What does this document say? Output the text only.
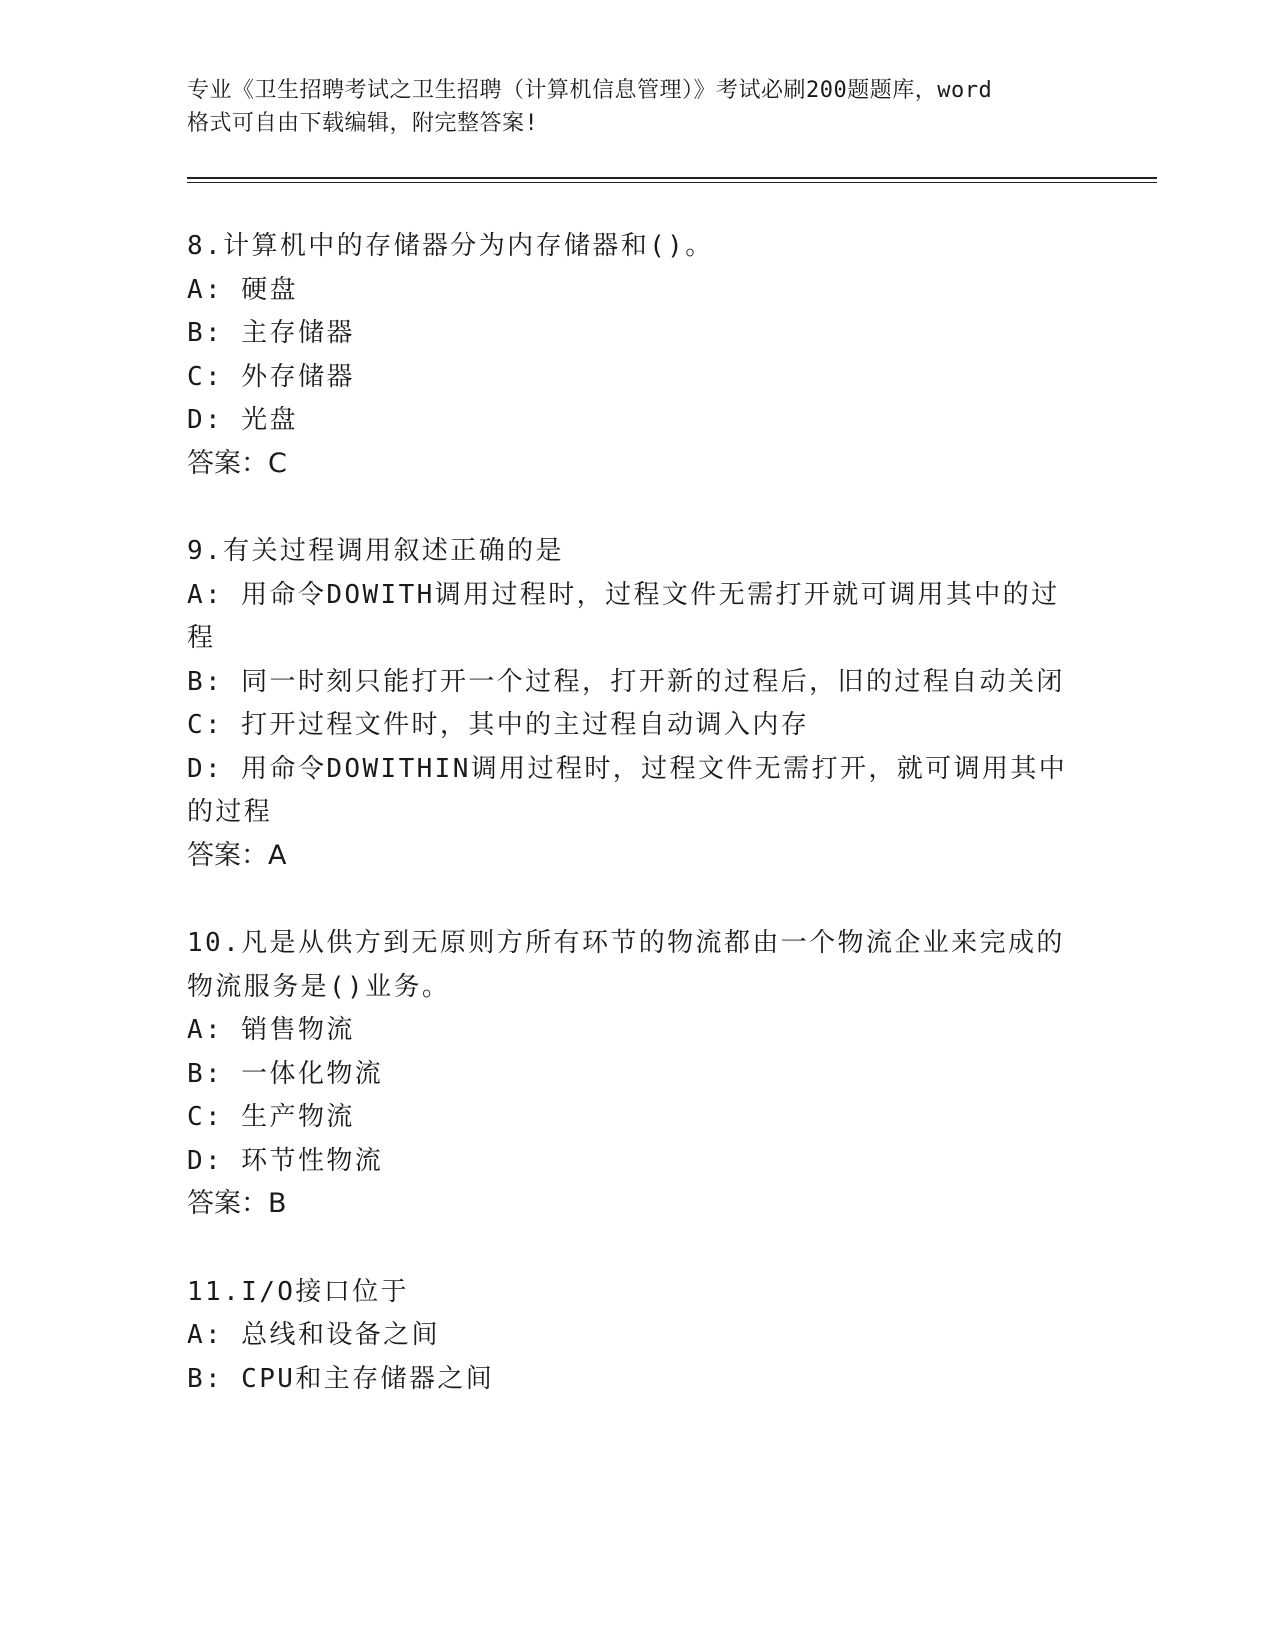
专业《卫生招聘考试之卫生招聘（计算机信息管理）》考试必刷200题题库，word
格式可自由下载编辑，附完整答案!
8.计算机中的存储器分为内存储器和()。
A: 硬盘
B: 主存储器
C: 外存储器
D: 光盘
答案：C
9.有关过程调用叙述正确的是
A: 用命令DOWITH调用过程时，过程文件无需打开就可调用其中的过
程
B: 同一时刻只能打开一个过程，打开新的过程后，旧的过程自动关闭
C: 打开过程文件时，其中的主过程自动调入内存
D: 用命令DOWITHIN调用过程时，过程文件无需打开，就可调用其中
的过程
答案：A
10.凡是从供方到无原则方所有环节的物流都由一个物流企业来完成的
物流服务是()业务。
A: 销售物流
B: 一体化物流
C: 生产物流
D: 环节性物流
答案：B
11.I/O接口位于
A: 总线和设备之间
B: CPU和主存储器之间
